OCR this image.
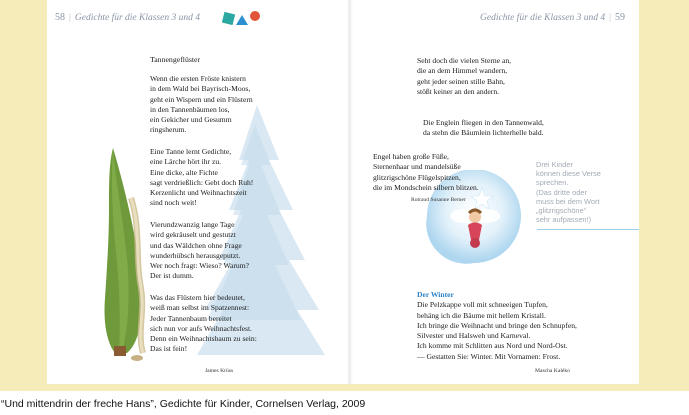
58 | Gedichte für die Klassen 3 und 4
Tannengeflüster

Wenn die ersten Fröste knistern

in dem Wald bei Bayrisch-Moos,

geht ein Wispern und ein Flüstern

in den Tannenbäumen los,

ein Gekicher und Gesumm

ringsherum.

Eine Tanne lernt Gedichte,

eine Lärche hört ihr zu.

Eine dicke, alte Fichte

sagt verdrießlich: Gebt doch Ruh!

Kerzenlicht und Weihnachtszeit

sind noch weit!

Vierundzwanzig lange Tage

wird gekräuselt und gestutzt

und das Wäldchen ohne Frage

wunderhübsch herausgeputzt.

Wer noch fragt: Wieso? Warum?

Der ist dumm.

Was das Flüstern hier bedeutet,

weiß man selbst im Spatzennest:

Jeder Tannenbaum bereitet

sich nun vor aufs Weihnachtsfest.

Denn ein Weihnachtsbaum zu sein:

Das ist fein!

James Krüss
Gedichte für die Klassen 3 und 4 | 59

Seht doch die vielen Sterne an,

die an dem Himmel wandern,

geht jeder seinen stille Bahn,

stößt keiner an den andern.

Die Englein fliegen in den Tannenwald,

da stehn die Bäumlein lichterhelle bald.

Engel haben große Füße,

Sternenhaar und mandelsüße

glitzrigschöne Flügelspitzen,

die im Mondschein silbern blitzen.

Rotraud Susanne Berner

Drei Kinder

können diese Verse

sprechen.

(Das dritte oder

muss bei dem Wort

„glitzrigschöne“

sehr aufpassen!)

Der Winter

Die Pelzkappe voll mit schneeigen Tupfen,

behäng ich die Bäume mit hellem Kristall.

Ich bringe die Weihnacht und bringe den Schnupfen,

Silvester und Halsweh und Karneval.

Ich komme mit Schlitten aus Nord und Nord-Ost.

— Gestatten Sie: Winter. Mit Vornamen: Frost.

Mascha Kaléko
“Und mittendrin der freche Hans”, Gedichte für Kinder, Cornelsen Verlag, 2009
